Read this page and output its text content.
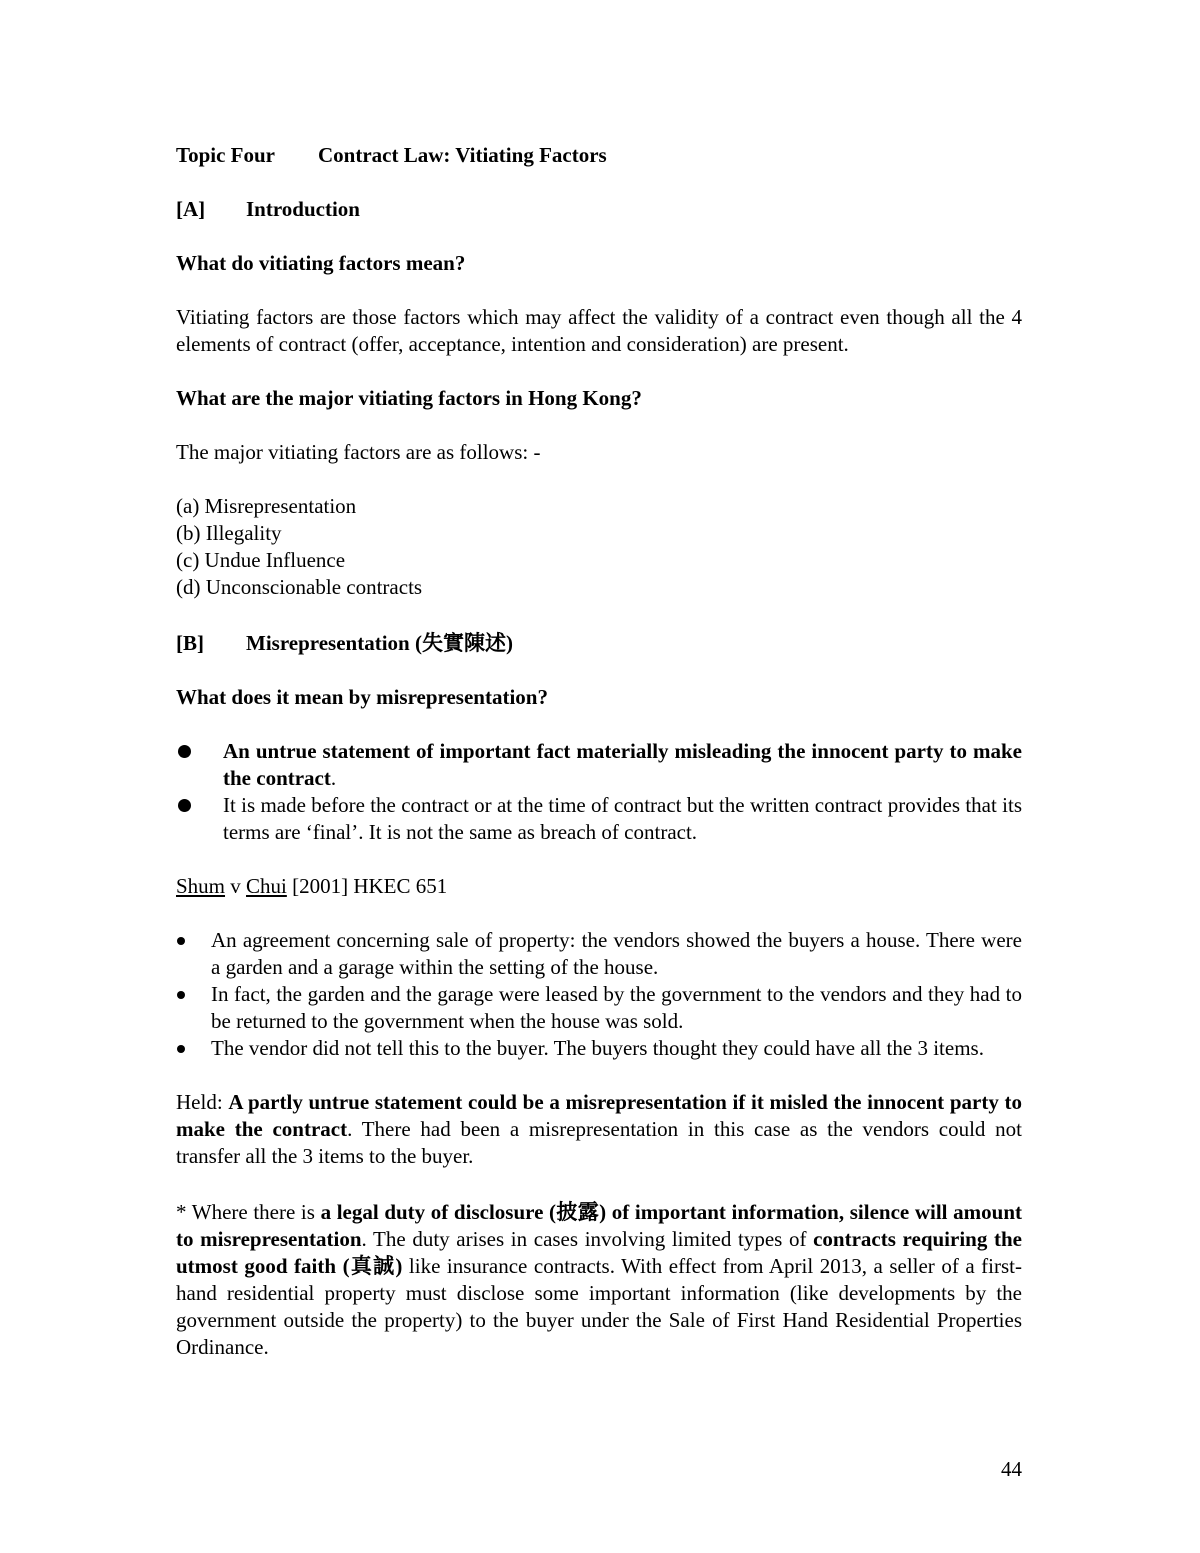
Topic Four	Contract Law: Vitiating Factors
[A]	Introduction
What do vitiating factors mean?

Vitiating factors are those factors which may affect the validity of a contract even though all the 4 elements of contract (offer, acceptance, intention and consideration) are present.

What are the major vitiating factors in Hong Kong?
The major vitiating factors are as follows: -
(a) Misrepresentation
(b) Illegality
(c) Undue Influence
(d) Unconscionable contracts
[B]	Misrepresentation (失實陳述)
What does it mean by misrepresentation?
An untrue statement of important fact materially misleading the innocent party to make the contract.
It is made before the contract or at the time of contract but the written contract provides that its terms are ‘final’. It is not the same as breach of contract.
Shum v Chui [2001] HKEC 651
An agreement concerning sale of property: the vendors showed the buyers a house. There were a garden and a garage within the setting of the house.
In fact, the garden and the garage were leased by the government to the vendors and they had to be returned to the government when the house was sold.
The vendor did not tell this to the buyer. The buyers thought they could have all the 3 items.

Held: A partly untrue statement could be a misrepresentation if it misled the innocent party to make the contract. There had been a misrepresentation in this case as the vendors could not transfer all the 3 items to the buyer.

* Where there is a legal duty of disclosure (披露) of important information, silence will amount to misrepresentation. The duty arises in cases involving limited types of contracts requiring the utmost good faith (真誠) like insurance contracts. With effect from April 2013, a seller of a first-hand residential property must disclose some important information (like developments by the government outside the property) to the buyer under the Sale of First Hand Residential Properties Ordinance.

44
